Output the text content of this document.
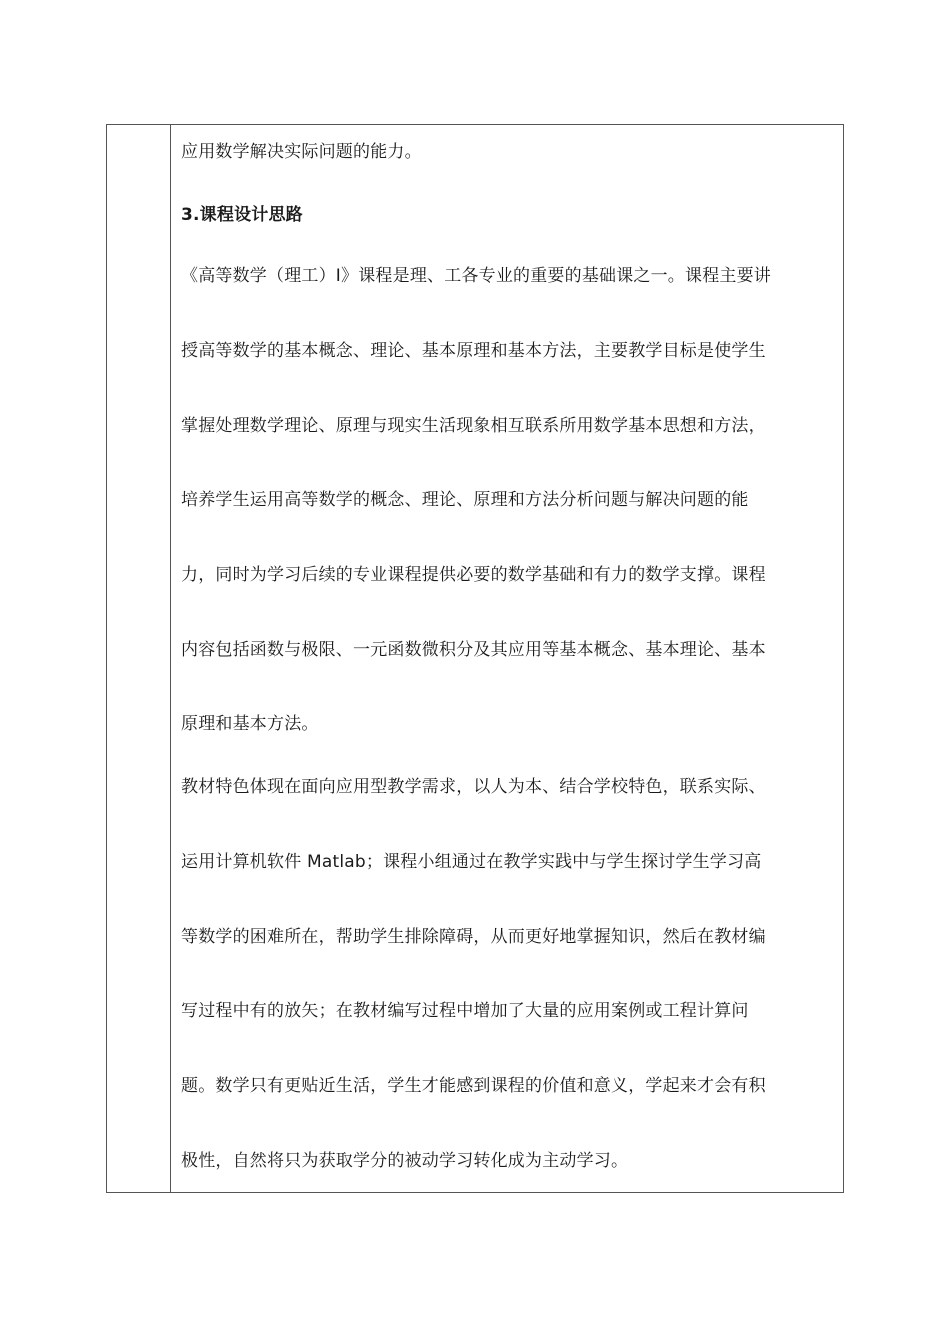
应用数学解决实际问题的能力。
3.课程设计思路
《高等数学（理工）I》课程是理、工各专业的重要的基础课之一。课程主要讲
授高等数学的基本概念、理论、基本原理和基本方法，主要教学目标是使学生
掌握处理数学理论、原理与现实生活现象相互联系所用数学基本思想和方法，
培养学生运用高等数学的概念、理论、原理和方法分析问题与解决问题的能
力，同时为学习后续的专业课程提供必要的数学基础和有力的数学支撑。课程
内容包括函数与极限、一元函数微积分及其应用等基本概念、基本理论、基本
原理和基本方法。
教材特色体现在面向应用型教学需求，以人为本、结合学校特色，联系实际、
运用计算机软件 Matlab；课程小组通过在教学实践中与学生探讨学生学习高
等数学的困难所在，帮助学生排除障碍，从而更好地掌握知识，然后在教材编
写过程中有的放矢；在教材编写过程中增加了大量的应用案例或工程计算问
题。数学只有更贴近生活，学生才能感到课程的价值和意义，学起来才会有积
极性，自然将只为获取学分的被动学习转化成为主动学习。
